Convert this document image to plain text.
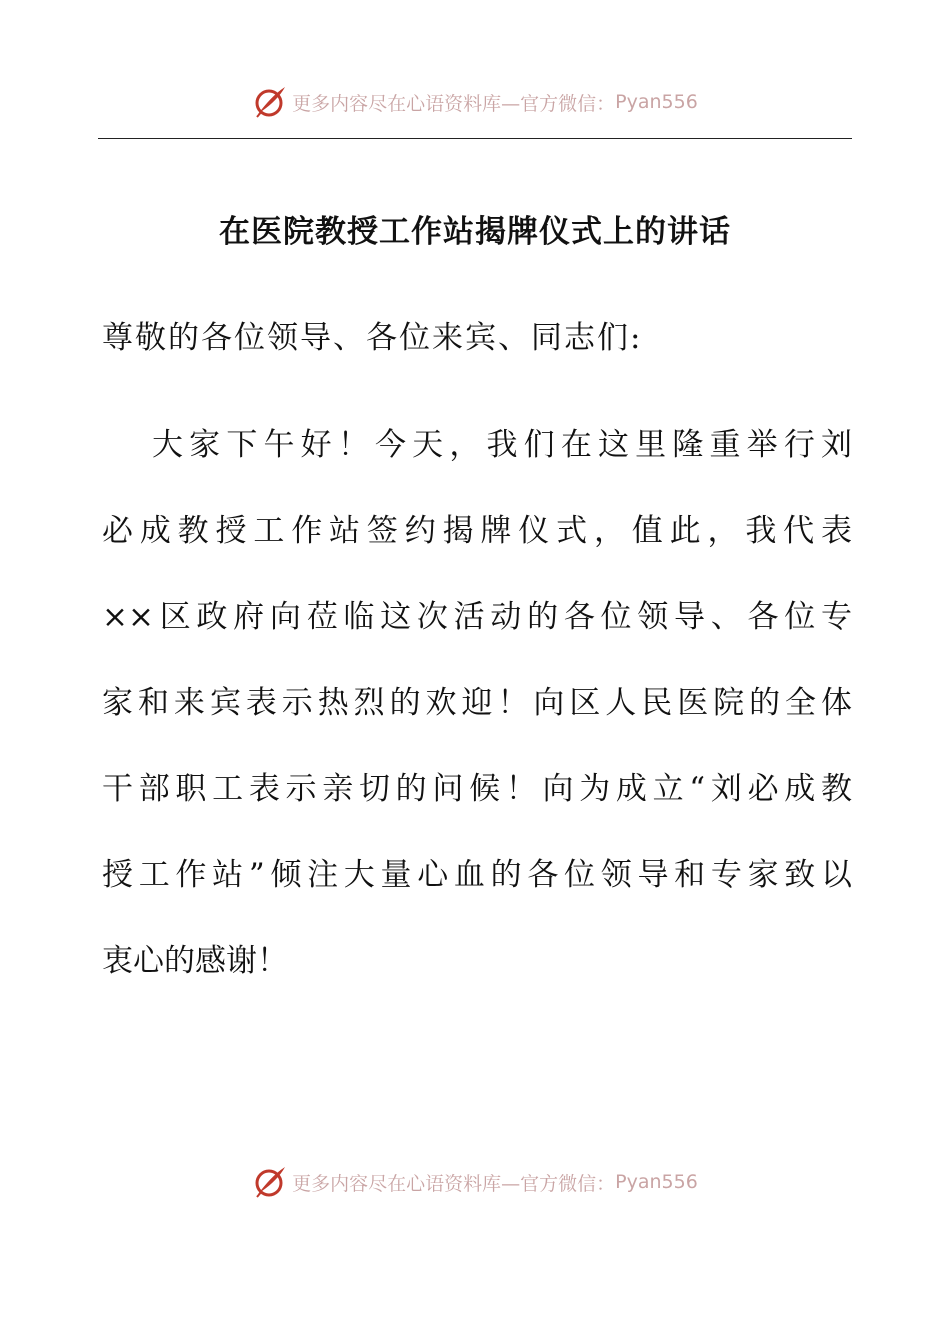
更多内容尽在心语资料库—官方微信： Pyan556
在医院教授工作站揭牌仪式上的讲话
尊敬的各位领导、各位来宾、同志们:
大家下午好！今天，我们在这里隆重举行刘
必成教授工作站签约揭牌仪式，值此，我代表
××区政府向莅临这次活动的各位领导、各位专
家和来宾表示热烈的欢迎！向区人民医院的全体
干部职工表示亲切的问候！向为成立“刘必成教
授工作站”倾注大量心血的各位领导和专家致以
衷心的感谢！
更多内容尽在心语资料库—官方微信： Pyan556
